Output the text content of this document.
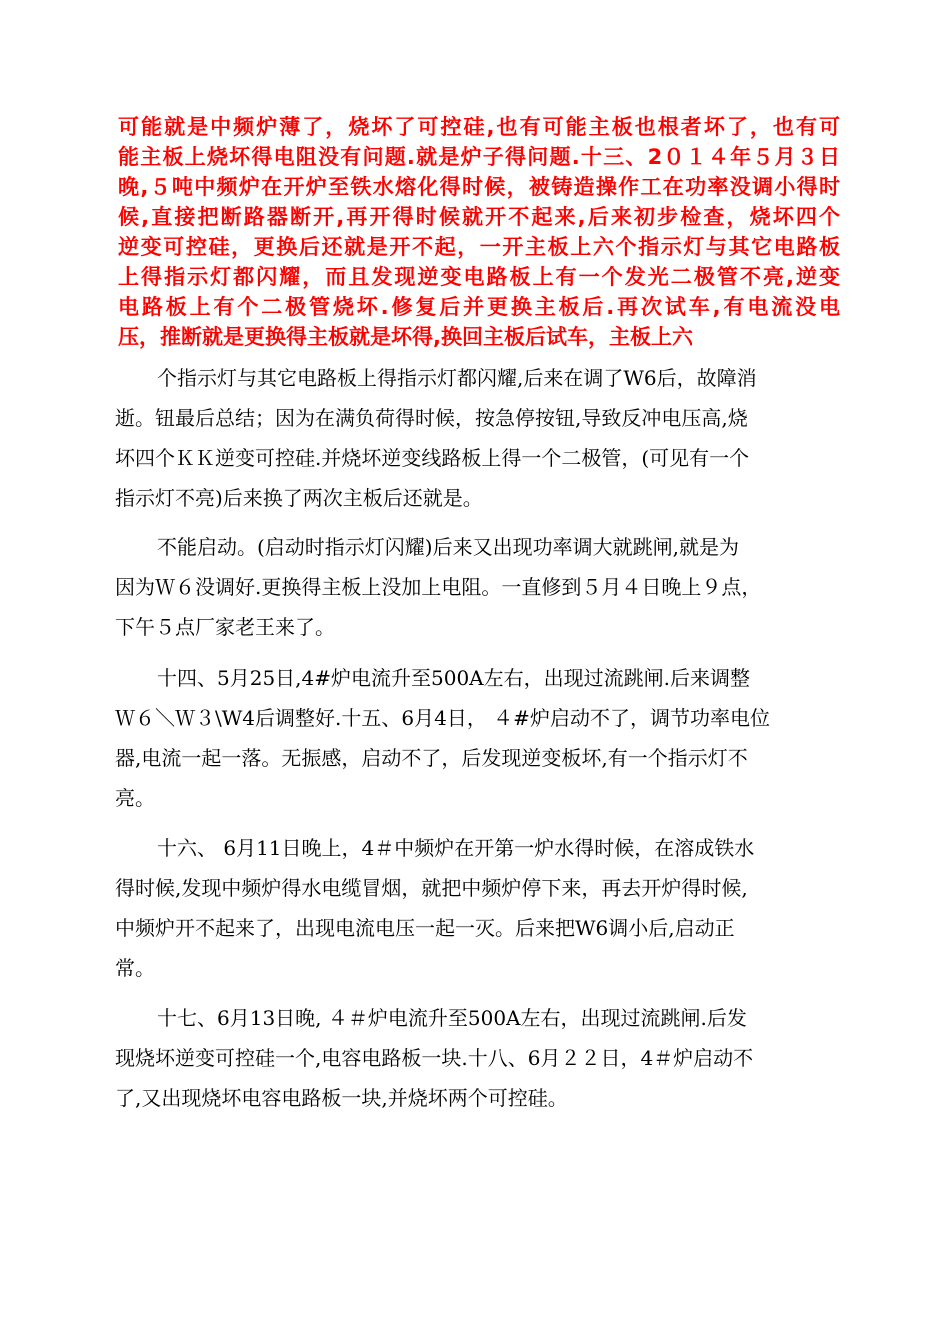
可能就是中频炉薄了，烧坏了可控硅,也有可能主板也根者坏了，也有可
能主板上烧坏得电阻没有问题.就是炉子得问题.十三、2０１４年５月３日
晚,５吨中频炉在开炉至铁水熔化得时候，被铸造操作工在功率没调小得时
候,直接把断路器断开,再开得时候就开不起来,后来初步检查，烧坏四个
逆变可控硅，更换后还就是开不起，一开主板上六个指示灯与其它电路板
上得指示灯都闪耀，而且发现逆变电路板上有一个发光二极管不亮,逆变
电路板上有个二极管烧坏.修复后并更换主板后.再次试车,有电流没电
压，推断就是更换得主板就是坏得,换回主板后试车，主板上六
个指示灯与其它电路板上得指示灯都闪耀,后来在调了W6后，故障消
逝。钮最后总结；因为在满负荷得时候，按急停按钮,导致反冲电压高,烧
坏四个ＫＫ逆变可控硅.并烧坏逆变线路板上得一个二极管，(可见有一个
指示灯不亮)后来换了两次主板后还就是。
不能启动。(启动时指示灯闪耀)后来又出现功率调大就跳闸,就是为
因为Ｗ６没调好.更换得主板上没加上电阻。一直修到５月４日晚上９点，
下午５点厂家老王来了。
十四、5月25日,4#炉电流升至500A左右，出现过流跳闸.后来调整
Ｗ６＼Ｗ３\W4后调整好.十五、6月4日， ４#炉启动不了，调节功率电位
器,电流一起一落。无振感，启动不了，后发现逆变板坏,有一个指示灯不
亮。
十六、 6月11日晚上，4＃中频炉在开第一炉水得时候，在溶成铁水
得时候,发现中频炉得水电缆冒烟，就把中频炉停下来，再去开炉得时候,
中频炉开不起来了，出现电流电压一起一灭。后来把W6调小后,启动正
常。
十七、6月13日晚, ４＃炉电流升至500A左右，出现过流跳闸.后发
现烧坏逆变可控硅一个,电容电路板一块.十八、6月２２日，4＃炉启动不
了,又出现烧坏电容电路板一块,并烧坏两个可控硅。
